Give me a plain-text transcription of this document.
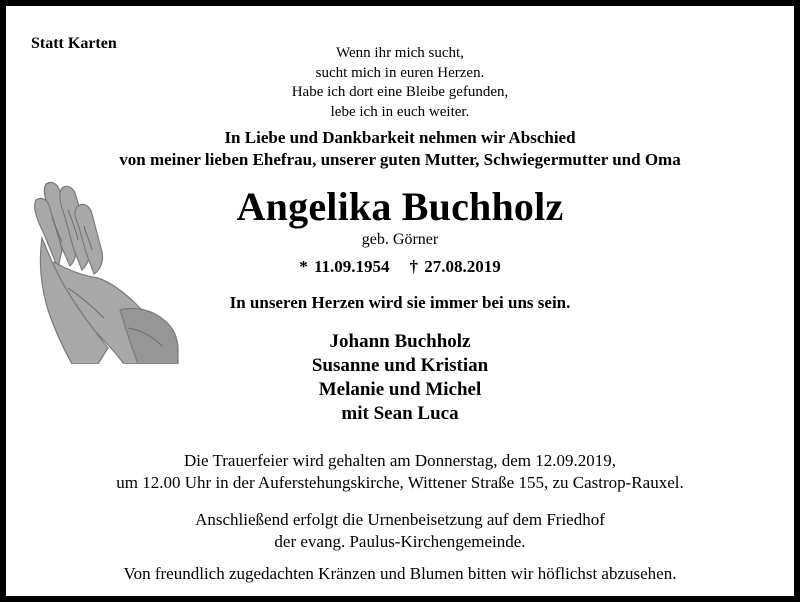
Statt Karten
Wenn ihr mich sucht,
sucht mich in euren Herzen.
Habe ich dort eine Bleibe gefunden,
lebe ich in euch weiter.
In Liebe und Dankbarkeit nehmen wir Abschied
von meiner lieben Ehefrau, unserer guten Mutter, Schwiegermutter und Oma
Angelika Buchholz
geb. Görner
* 11.09.1954 † 27.08.2019
In unseren Herzen wird sie immer bei uns sein.
Johann Buchholz
Susanne und Kristian
Melanie und Michel
mit Sean Luca
Die Trauerfeier wird gehalten am Donnerstag, dem 12.09.2019,
um 12.00 Uhr in der Auferstehungskirche, Wittener Straße 155, zu Castrop-Rauxel.
Anschließend erfolgt die Urnenbeisetzung auf dem Friedhof
der evang. Paulus-Kirchengemeinde.
Von freundlich zugedachten Kränzen und Blumen bitten wir höflichst abzusehen.
